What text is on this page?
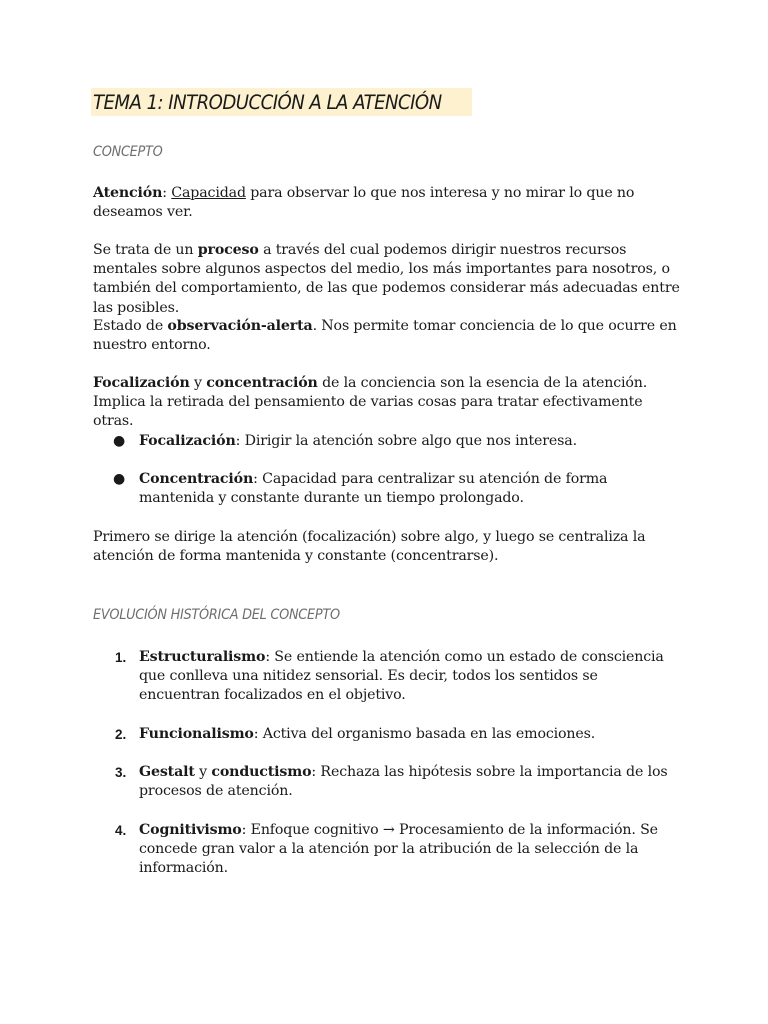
TEMA 1: INTRODUCCIÓN A LA ATENCIÓN
CONCEPTO

Atención: Capacidad para observar lo que nos interesa y no mirar lo que no deseamos ver.

Se trata de un proceso a través del cual podemos dirigir nuestros recursos mentales sobre algunos aspectos del medio, los más importantes para nosotros, o también del comportamiento, de las que podemos considerar más adecuadas entre las posibles.

Estado de observación-alerta. Nos permite tomar conciencia de lo que ocurre en nuestro entorno.

Focalización y concentración de la conciencia son la esencia de la atención. Implica la retirada del pensamiento de varias cosas para tratar efectivamente otras.

● Focalización: Dirigir la atención sobre algo que nos interesa.

● Concentración: Capacidad para centralizar su atención de forma mantenida y constante durante un tiempo prolongado.

Primero se dirige la atención (focalización) sobre algo, y luego se centraliza la atención de forma mantenida y constante (concentrarse).

EVOLUCIÓN HISTÓRICA DEL CONCEPTO
1. Estructuralismo: Se entiende la atención como un estado de consciencia que conlleva una nitidez sensorial. Es decir, todos los sentidos se encuentran focalizados en el objetivo.

2. Funcionalismo: Activa del organismo basada en las emociones.

3. Gestalt y conductismo: Rechaza las hipótesis sobre la importancia de los procesos de atención.

4. Cognitivismo: Enfoque cognitivo → Procesamiento de la información. Se concede gran valor a la atención por la atribución de la selección de la información.
